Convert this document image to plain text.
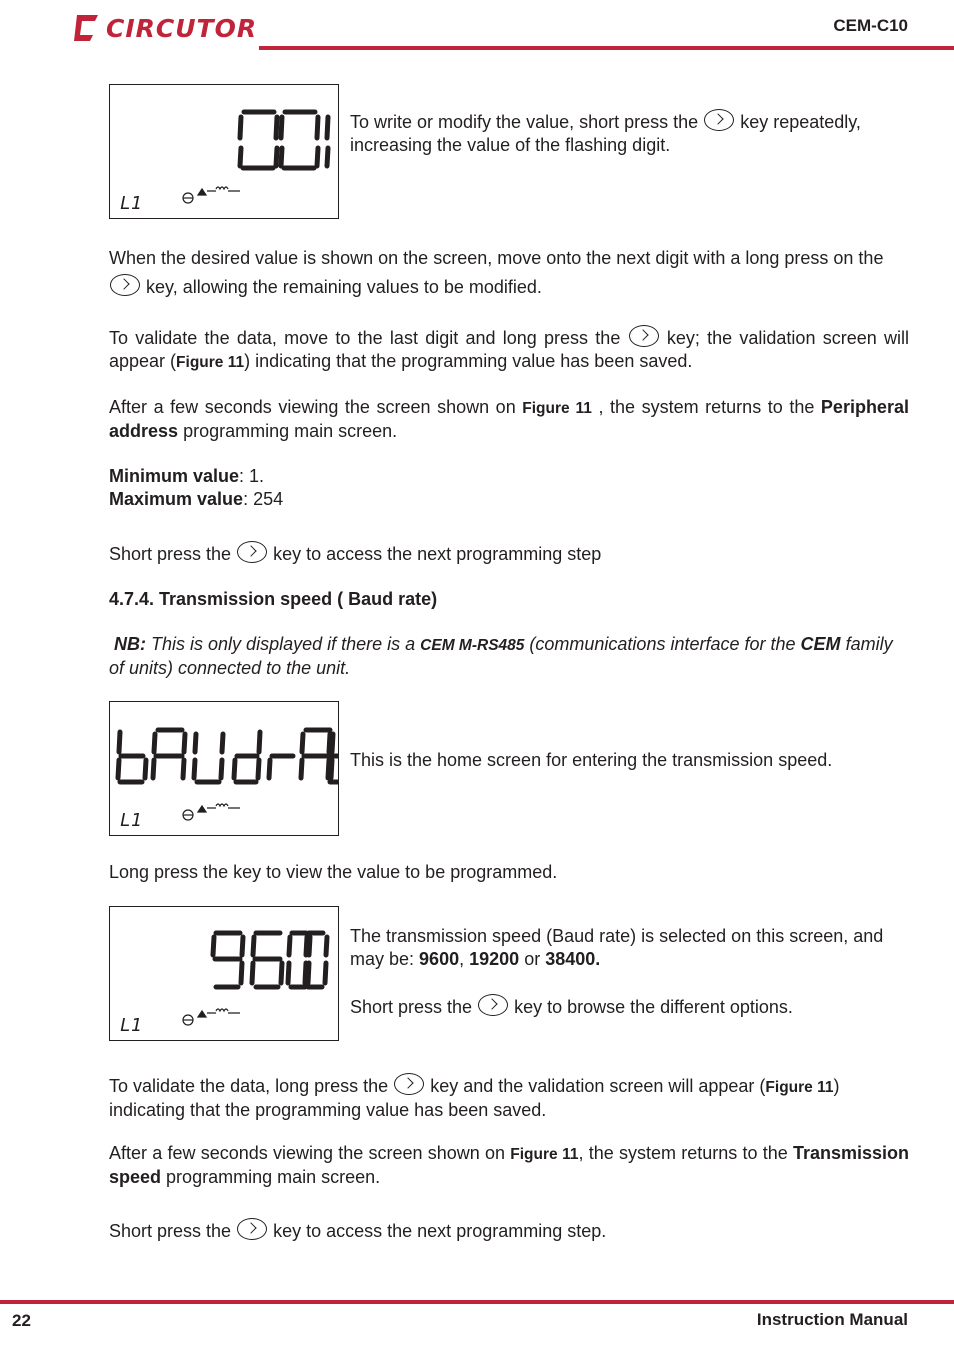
CIRCUTOR	CEM-C10
L1
To write or modify the value, short press the key repeatedly, increasing the value of the flashing digit.
When the desired value is shown on the screen, move onto the next digit with a long press on the key, allowing the remaining values to be modified.
To validate the data, move to the last digit and long press the	key; the validation screen will appear (Figure 11) indicating that the programming value has been saved.
After a few seconds viewing the screen shown on Figure 11 , the system returns to the Peripheral address programming main screen.
Minimum value: 1.
Maximum value: 254
Short press the key to access the next programming step
4.7.4. Transmission speed ( Baud rate)
NB: This is only displayed if there is a CEM M-RS485 (communications interface for the CEM family of units) connected to the unit.
L1
This is the home screen for entering the transmission speed.
Long press the key to view the value to be programmed.
L1
The transmission speed (Baud rate) is selected on this screen, and may be: 9600, 19200 or 38400.
Short press the key to browse the different options.
To validate the data, long press the key and the validation screen will appear (Figure 11) indicating that the programming value has been saved.
After a few seconds viewing the screen shown on Figure 11, the system returns to the Transmission speed programming main screen.
Short press the key to access the next programming step.
22	Instruction Manual
